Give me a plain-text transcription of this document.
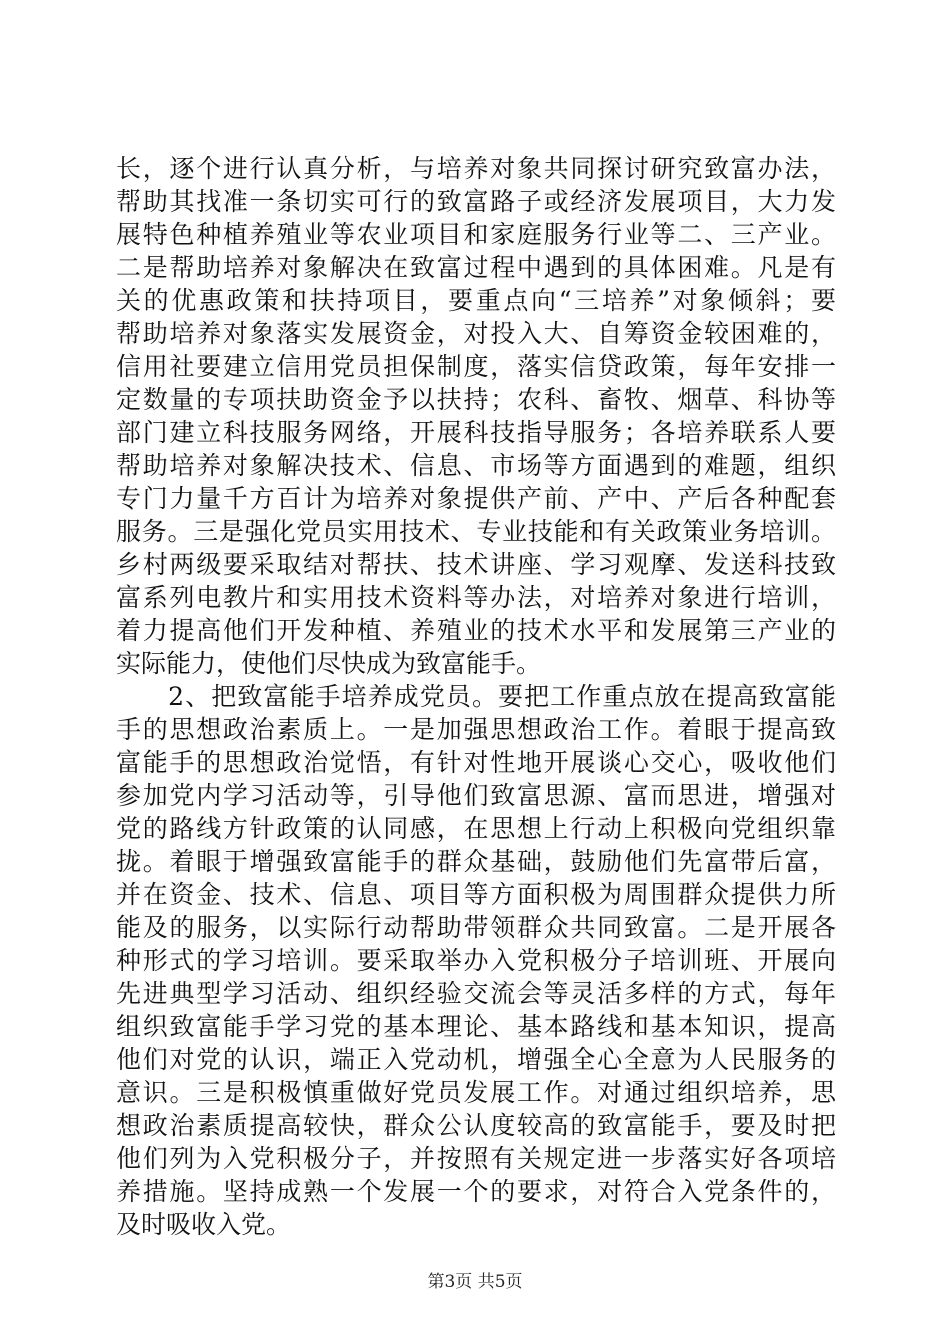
长，逐个进行认真分析，与培养对象共同探讨研究致富办法，
帮助其找准一条切实可行的致富路子或经济发展项目，大力发
展特色种植养殖业等农业项目和家庭服务行业等二、三产业。
二是帮助培养对象解决在致富过程中遇到的具体困难。凡是有
关的优惠政策和扶持项目，要重点向“三培养”对象倾斜；要
帮助培养对象落实发展资金，对投入大、自筹资金较困难的，
信用社要建立信用党员担保制度，落实信贷政策，每年安排一
定数量的专项扶助资金予以扶持；农科、畜牧、烟草、科协等
部门建立科技服务网络，开展科技指导服务；各培养联系人要
帮助培养对象解决技术、信息、市场等方面遇到的难题，组织
专门力量千方百计为培养对象提供产前、产中、产后各种配套
服务。三是强化党员实用技术、专业技能和有关政策业务培训。
乡村两级要采取结对帮扶、技术讲座、学习观摩、发送科技致
富系列电教片和实用技术资料等办法，对培养对象进行培训，
着力提高他们开发种植、养殖业的技术水平和发展第三产业的
实际能力，使他们尽快成为致富能手。
　　2、把致富能手培养成党员。要把工作重点放在提高致富能
手的思想政治素质上。一是加强思想政治工作。着眼于提高致
富能手的思想政治觉悟，有针对性地开展谈心交心，吸收他们
参加党内学习活动等，引导他们致富思源、富而思进，增强对
党的路线方针政策的认同感，在思想上行动上积极向党组织靠
拢。着眼于增强致富能手的群众基础，鼓励他们先富带后富，
并在资金、技术、信息、项目等方面积极为周围群众提供力所
能及的服务，以实际行动帮助带领群众共同致富。二是开展各
种形式的学习培训。要采取举办入党积极分子培训班、开展向
先进典型学习活动、组织经验交流会等灵活多样的方式，每年
组织致富能手学习党的基本理论、基本路线和基本知识，提高
他们对党的认识，端正入党动机，增强全心全意为人民服务的
意识。三是积极慎重做好党员发展工作。对通过组织培养，思
想政治素质提高较快，群众公认度较高的致富能手，要及时把
他们列为入党积极分子，并按照有关规定进一步落实好各项培
养措施。坚持成熟一个发展一个的要求，对符合入党条件的，
及时吸收入党。
第3页 共5页
